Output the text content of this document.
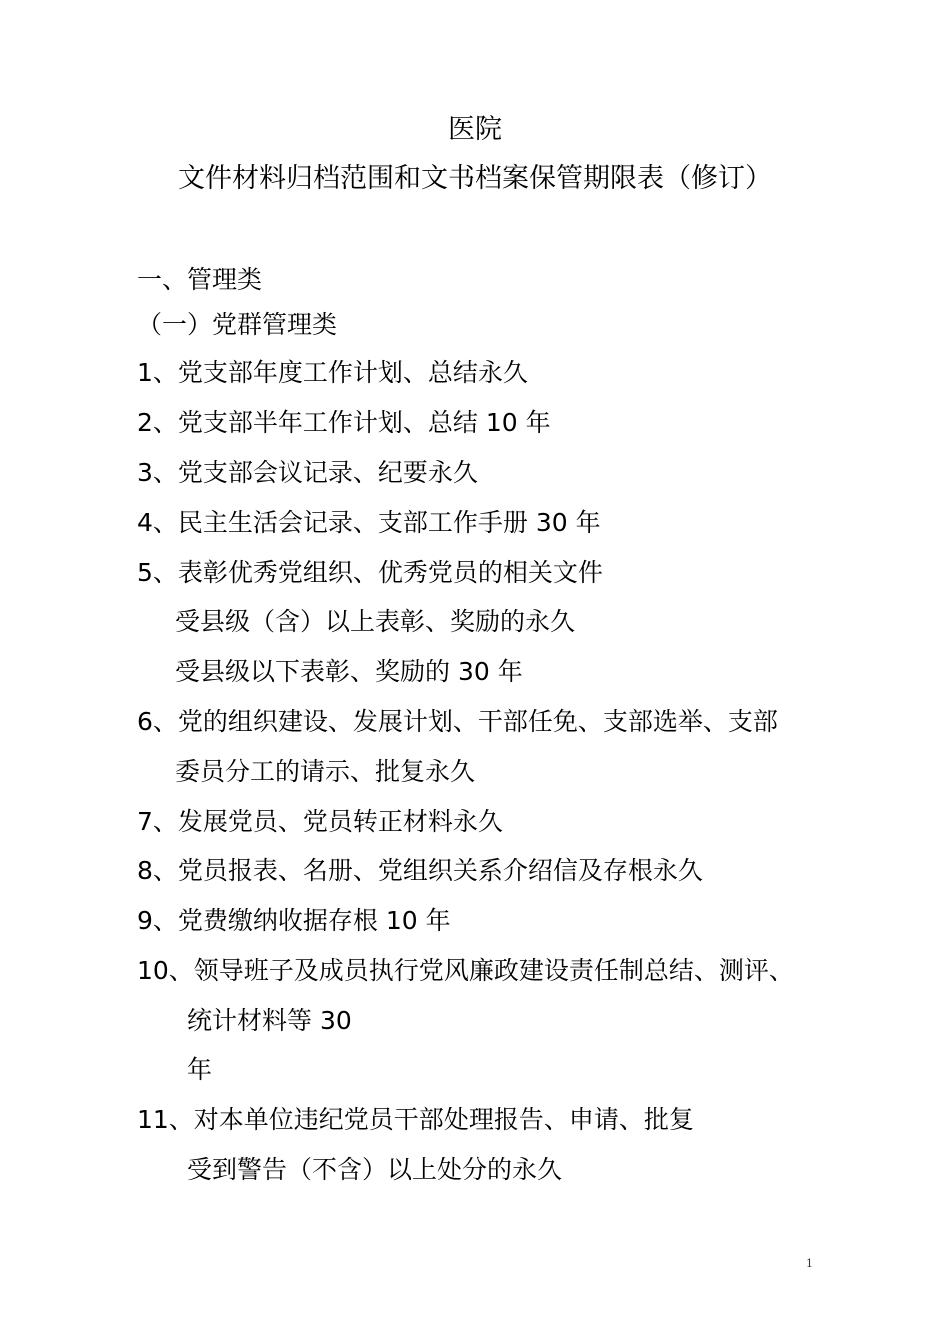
医院
文件材料归档范围和文书档案保管期限表（修订）
一、管理类
（一）党群管理类
1、党支部年度工作计划、总结永久
2、党支部半年工作计划、总结 10 年
3、党支部会议记录、纪要永久
4、民主生活会记录、支部工作手册 30 年
5、表彰优秀党组织、优秀党员的相关文件
受县级（含）以上表彰、奖励的永久
受县级以下表彰、奖励的 30 年
6、党的组织建设、发展计划、干部任免、支部选举、支部
委员分工的请示、批复永久
7、发展党员、党员转正材料永久
8、党员报表、名册、党组织关系介绍信及存根永久
9、党费缴纳收据存根 10 年
10、领导班子及成员执行党风廉政建设责任制总结、测评、
统计材料等 30
年
11、对本单位违纪党员干部处理报告、申请、批复
受到警告（不含）以上处分的永久
1
